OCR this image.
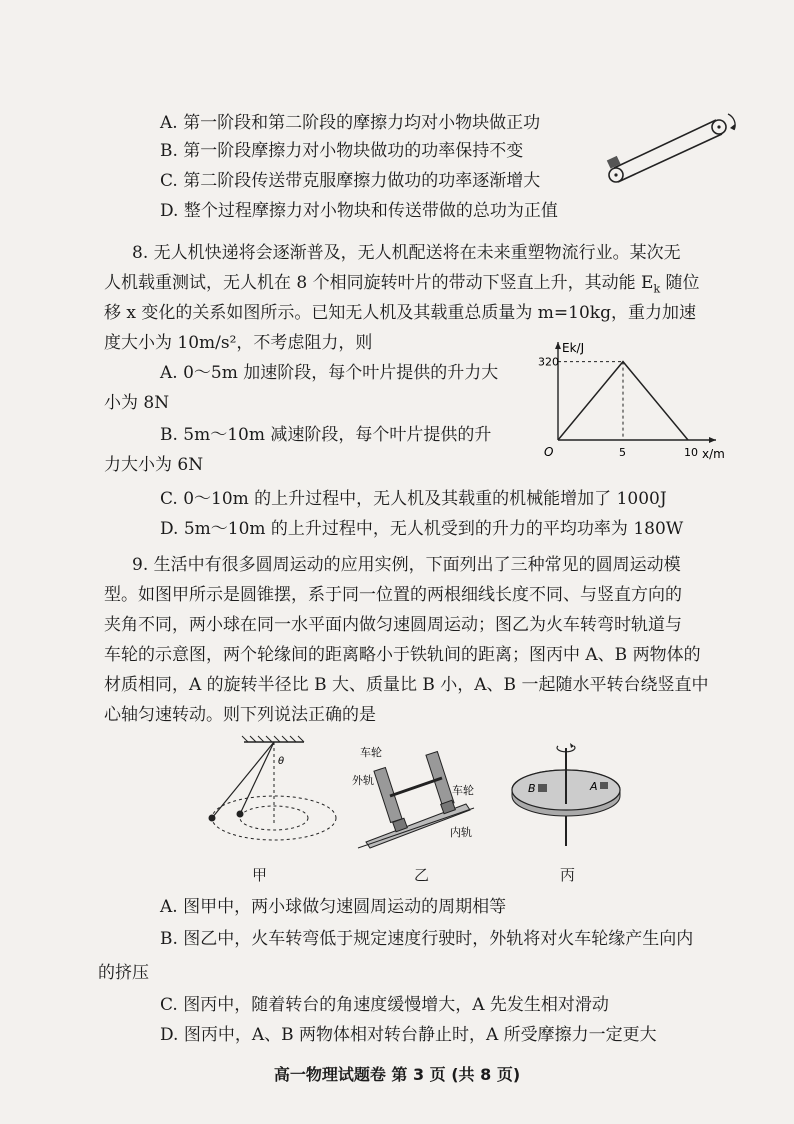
A. 第一阶段和第二阶段的摩擦力均对小物块做正功
B. 第一阶段摩擦力对小物块做功的功率保持不变
C. 第二阶段传送带克服摩擦力做功的功率逐渐增大
D. 整个过程摩擦力对小物块和传送带做的总功为正值
8. 无人机快递将会逐渐普及，无人机配送将在未来重塑物流行业。某次无
人机载重测试，无人机在 8 个相同旋转叶片的带动下竖直上升，其动能 $E_k$ 随位
移 x 变化的关系如图所示。已知无人机及其载重总质量为 m=10kg，重力加速
度大小为 10m/s²，不考虑阻力，则
A. 0～5m 加速阶段，每个叶片提供的升力大
小为 8N
B. 5m～10m 减速阶段，每个叶片提供的升
力大小为 6N
C. 0～10m 的上升过程中，无人机及其载重的机械能增加了 1000J
D. 5m～10m 的上升过程中，无人机受到的升力的平均功率为 180W
Ek/J
x/m
O
320
5	10
9. 生活中有很多圆周运动的应用实例，下面列出了三种常见的圆周运动模
型。如图甲所示是圆锥摆，系于同一位置的两根细线长度不同、与竖直方向的
夹角不同，两小球在同一水平面内做匀速圆周运动；图乙为火车转弯时轨道与
车轮的示意图，两个轮缘间的距离略小于铁轨间的距离；图丙中 A、B 两物体的
材质相同，A 的旋转半径比 B 大、质量比 B 小，A、B 一起随水平转台绕竖直中
心轴匀速转动。则下列说法正确的是
θ
甲
车轮
外轨
车轮
内轨
乙
B	A
丙
A. 图甲中，两小球做匀速圆周运动的周期相等
B. 图乙中，火车转弯低于规定速度行驶时，外轨将对火车轮缘产生向内
的挤压
C. 图丙中，随着转台的角速度缓慢增大，A 先发生相对滑动
D. 图丙中，A、B 两物体相对转台静止时，A 所受摩擦力一定更大
高一物理试题卷 第 3 页 (共 8 页)
